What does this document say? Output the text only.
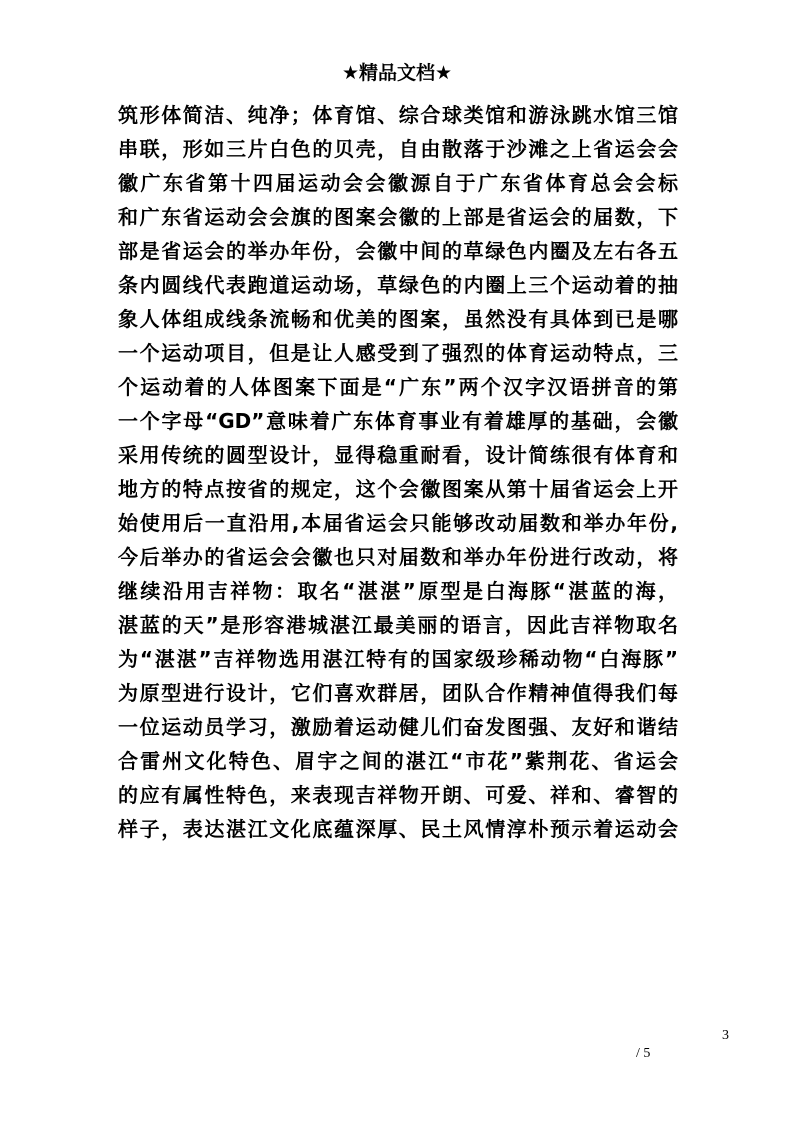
★精品文档★
筑形体简洁、纯净；体育馆、综合球类馆和游泳跳水馆三馆
串联，形如三片白色的贝壳，自由散落于沙滩之上省运会会
徽广东省第十四届运动会会徽源自于广东省体育总会会标
和广东省运动会会旗的图案会徽的上部是省运会的届数，下
部是省运会的举办年份，会徽中间的草绿色内圈及左右各五
条内圆线代表跑道运动场，草绿色的内圈上三个运动着的抽
象人体组成线条流畅和优美的图案，虽然没有具体到已是哪
一个运动项目，但是让人感受到了强烈的体育运动特点，三
个运动着的人体图案下面是“广东”两个汉字汉语拼音的第
一个字母“GD”意味着广东体育事业有着雄厚的基础，会徽
采用传统的圆型设计，显得稳重耐看，设计简练很有体育和
地方的特点按省的规定，这个会徽图案从第十届省运会上开
始使用后一直沿用,本届省运会只能够改动届数和举办年份,
今后举办的省运会会徽也只对届数和举办年份进行改动，将
继续沿用吉祥物：取名“湛湛”原型是白海豚“湛蓝的海，
湛蓝的天”是形容港城湛江最美丽的语言，因此吉祥物取名
为“湛湛”吉祥物选用湛江特有的国家级珍稀动物“白海豚”
为原型进行设计，它们喜欢群居，团队合作精神值得我们每
一位运动员学习，激励着运动健儿们奋发图强、友好和谐结
合雷州文化特色、眉宇之间的湛江“市花”紫荆花、省运会
的应有属性特色，来表现吉祥物开朗、可爱、祥和、睿智的
样子，表达湛江文化底蕴深厚、民土风情淳朴预示着运动会
3
/ 5
